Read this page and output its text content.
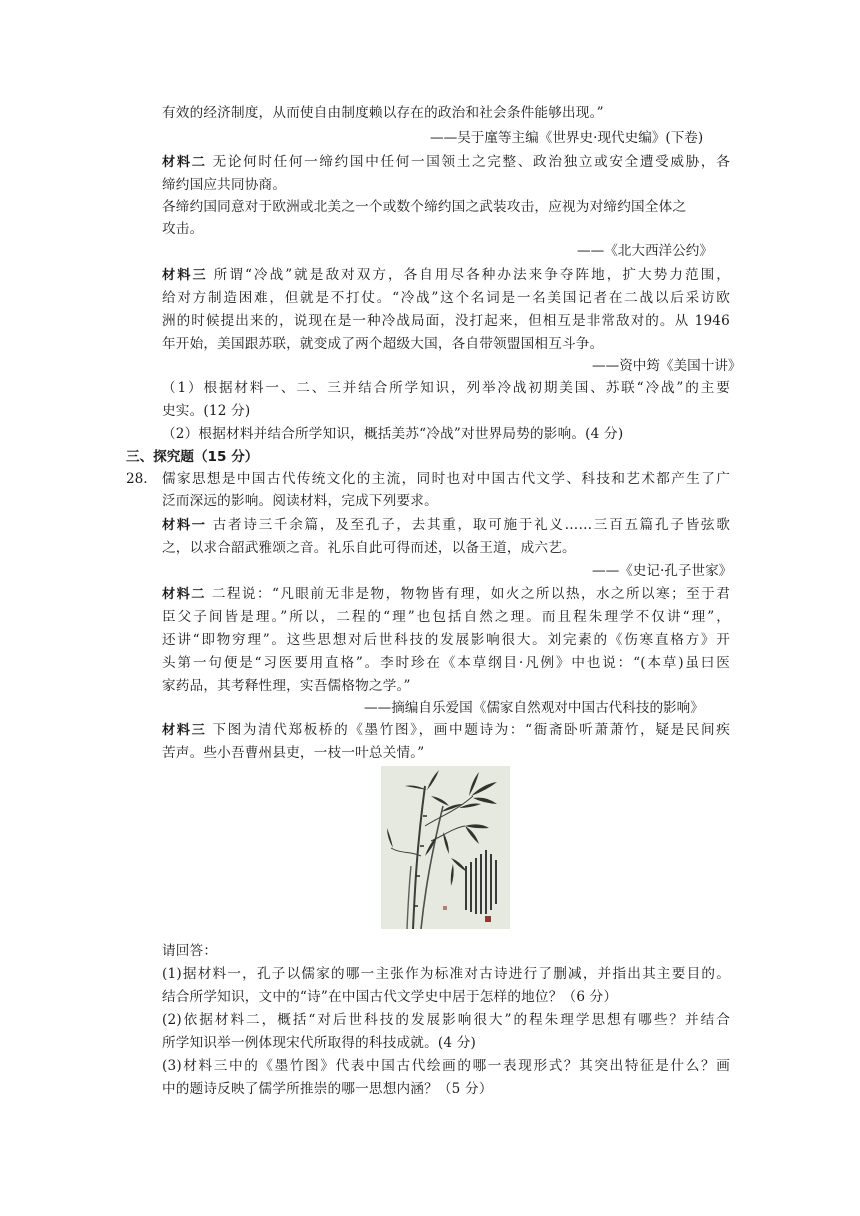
有效的经济制度，从而使自由制度赖以存在的政治和社会条件能够出现。”
——吴于廑等主编《世界史·现代史编》(下卷)
材料二 无论何时任何一缔约国中任何一国领土之完整、政治独立或安全遭受威胁，各
缔约国应共同协商。
各缔约国同意对于欧洲或北美之一个或数个缔约国之武装攻击，应视为对缔约国全体之
攻击。
——《北大西洋公约》
材料三 所谓“冷战”就是敌对双方，各自用尽各种办法来争夺阵地，扩大势力范围，
给对方制造困难，但就是不打仗。“冷战”这个名词是一名美国记者在二战以后采访欧
洲的时候提出来的，说现在是一种冷战局面，没打起来，但相互是非常敌对的。从 1946
年开始，美国跟苏联，就变成了两个超级大国，各自带领盟国相互斗争。
——资中筠《美国十讲》
（1）根据材料一、二、三并结合所学知识，列举冷战初期美国、苏联“冷战”的主要
史实。(12 分)
（2）根据材料并结合所学知识，概括美苏“冷战”对世界局势的影响。(4 分)
三、探究题（15 分）
28. 儒家思想是中国古代传统文化的主流，同时也对中国古代文学、科技和艺术都产生了广
泛而深远的影响。阅读材料，完成下列要求。
材料一 古者诗三千余篇，及至孔子，去其重，取可施于礼义……三百五篇孔子皆弦歌
之，以求合韶武雅颂之音。礼乐自此可得而述，以备王道，成六艺。
——《史记·孔子世家》
材料二 二程说：“凡眼前无非是物，物物皆有理，如火之所以热，水之所以寒；至于君
臣父子间皆是理。”所以，二程的“理”也包括自然之理。而且程朱理学不仅讲“理”，
还讲“即物穷理”。这些思想对后世科技的发展影响很大。刘完素的《伤寒直格方》开
头第一句便是“习医要用直格”。李时珍在《本草纲目·凡例》中也说：“(本草)虽曰医
家药品，其考释性理，实吾儒格物之学。”
——摘编自乐爱国《儒家自然观对中国古代科技的影响》
材料三 下图为清代郑板桥的《墨竹图》，画中题诗为：“衙斋卧听萧萧竹，疑是民间疾
苦声。些小吾曹州县吏，一枝一叶总关情。”
请回答：
(1)据材料一，孔子以儒家的哪一主张作为标准对古诗进行了删减，并指出其主要目的。
结合所学知识，文中的“诗”在中国古代文学史中居于怎样的地位？（6 分）
(2)依据材料二，概括“对后世科技的发展影响很大”的程朱理学思想有哪些？并结合
所学知识举一例体现宋代所取得的科技成就。(4 分)
(3)材料三中的《墨竹图》代表中国古代绘画的哪一表现形式？其突出特征是什么？画
中的题诗反映了儒学所推崇的哪一思想内涵？（5 分）
